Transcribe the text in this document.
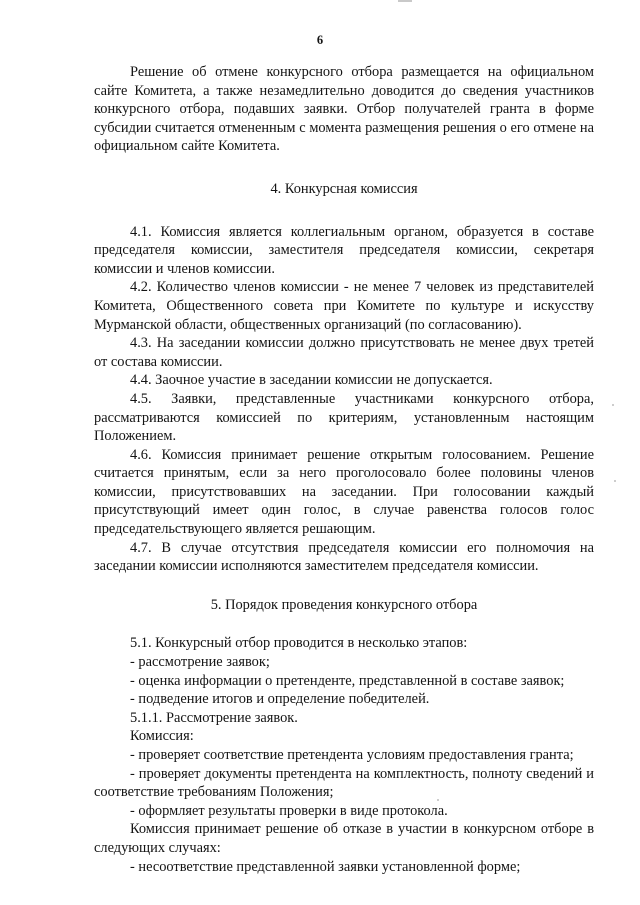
6

Решение об отмене конкурсного отбора размещается на официальном сайте Комитета, а также незамедлительно доводится до сведения участников конкурсного отбора, подавших заявки. Отбор получателей гранта в форме субсидии считается отмененным с момента размещения решения о его отмене на официальном сайте Комитета.

4. Конкурсная комиссия

4.1. Комиссия является коллегиальным органом, образуется в составе председателя комиссии, заместителя председателя комиссии, секретаря комиссии и членов комиссии.

4.2. Количество членов комиссии - не менее 7 человек из представителей Комитета, Общественного совета при Комитете по культуре и искусству Мурманской области, общественных организаций (по согласованию).

4.3. На заседании комиссии должно присутствовать не менее двух третей от состава комиссии.

4.4. Заочное участие в заседании комиссии не допускается.

4.5. Заявки, представленные участниками конкурсного отбора, рассматриваются комиссией по критериям, установленным настоящим Положением.

4.6. Комиссия принимает решение открытым голосованием. Решение считается принятым, если за него проголосовало более половины членов комиссии, присутствовавших на заседании. При голосовании каждый присутствующий имеет один голос, в случае равенства голосов голос председательствующего является решающим.

4.7. В случае отсутствия председателя комиссии его полномочия на заседании комиссии исполняются заместителем председателя комиссии.

5. Порядок проведения конкурсного отбора

5.1. Конкурсный отбор проводится в несколько этапов:

- рассмотрение заявок;

- оценка информации о претенденте, представленной в составе заявок;

- подведение итогов и определение победителей.

5.1.1. Рассмотрение заявок.

Комиссия:

- проверяет соответствие претендента условиям предоставления гранта;

- проверяет документы претендента на комплектность, полноту сведений и соответствие требованиям Положения;

- оформляет результаты проверки в виде протокола.

Комиссия принимает решение об отказе в участии в конкурсном отборе в следующих случаях:

- несоответствие представленной заявки установленной форме;
